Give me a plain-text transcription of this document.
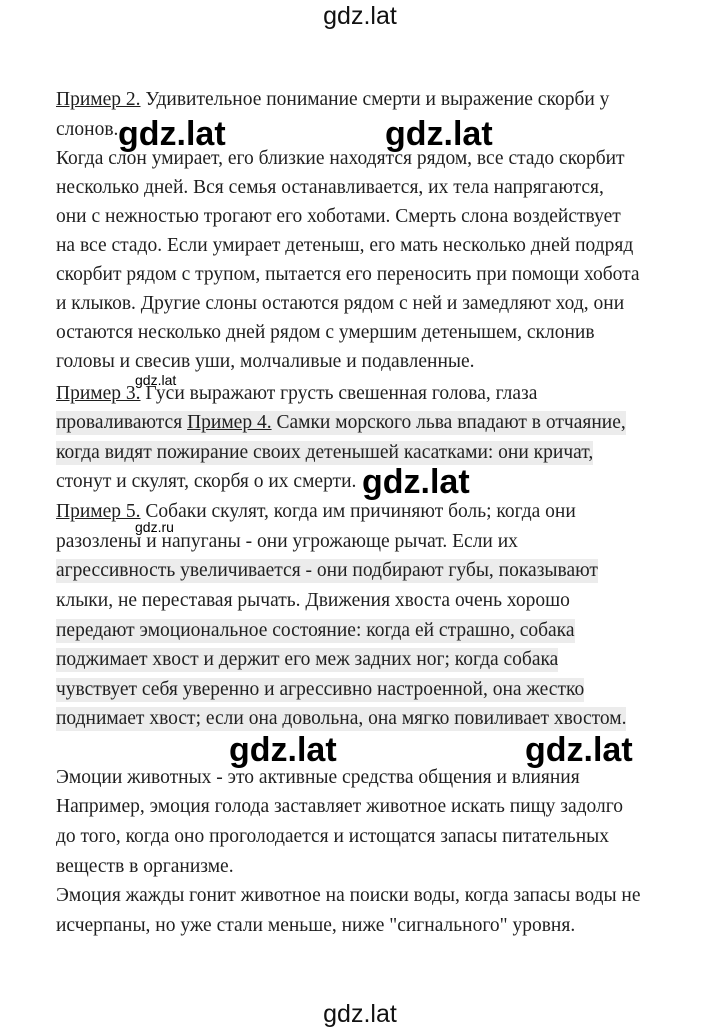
gdz.lat
Пример 2. Удивительное понимание смерти и выражение скорби у
слонов.
Когда слон умирает, его близкие находятся рядом, все стадо скорбит
несколько дней. Вся семья останавливается, их тела напрягаются,
они с нежностью трогают его хоботами. Смерть слона воздействует
на все стадо. Если умирает детеныш, его мать несколько дней подряд
скорбит рядом с трупом, пытается его переносить при помощи хобота
и клыков. Другие слоны остаются рядом с ней и замедляют ход, они
остаются несколько дней рядом с умершим детенышем, склонив
головы и свесив уши, молчаливые и подавленные.
Пример 3. Гуси выражают грусть свешенная голова, глаза
проваливаются Пример 4. Самки морского льва впадают в отчаяние,
когда видят пожирание своих детенышей касатками: они кричат,
стонут и скулят, скорбя о их смерти.
Пример 5. Собаки скулят, когда им причиняют боль; когда они
разозлены и напуганы - они угрожающе рычат. Если их
агрессивность увеличивается - они подбирают губы, показывают
клыки, не переставая рычать. Движения хвоста очень хорошо
передают эмоциональное состояние: когда ей страшно, собака
поджимает хвост и держит его меж задних ног; когда собака
чувствует себя уверенно и агрессивно настроенной, она жестко
поднимает хвост; если она довольна, она мягко повиливает хвостом.
Эмоции животных - это активные средства общения и влияния
Например, эмоция голода заставляет животное искать пищу задолго
до того, когда оно проголодается и истощатся запасы питательных
веществ в организме.
Эмоция жажды гонит животное на поиски воды, когда запасы воды не
исчерпаны, но уже стали меньше, ниже "сигнального" уровня.
gdz.lat	gdz.lat
gdz.lat
gdz.lat	gdz.lat
gdz.lat
gdz.ru
gdz.lat
